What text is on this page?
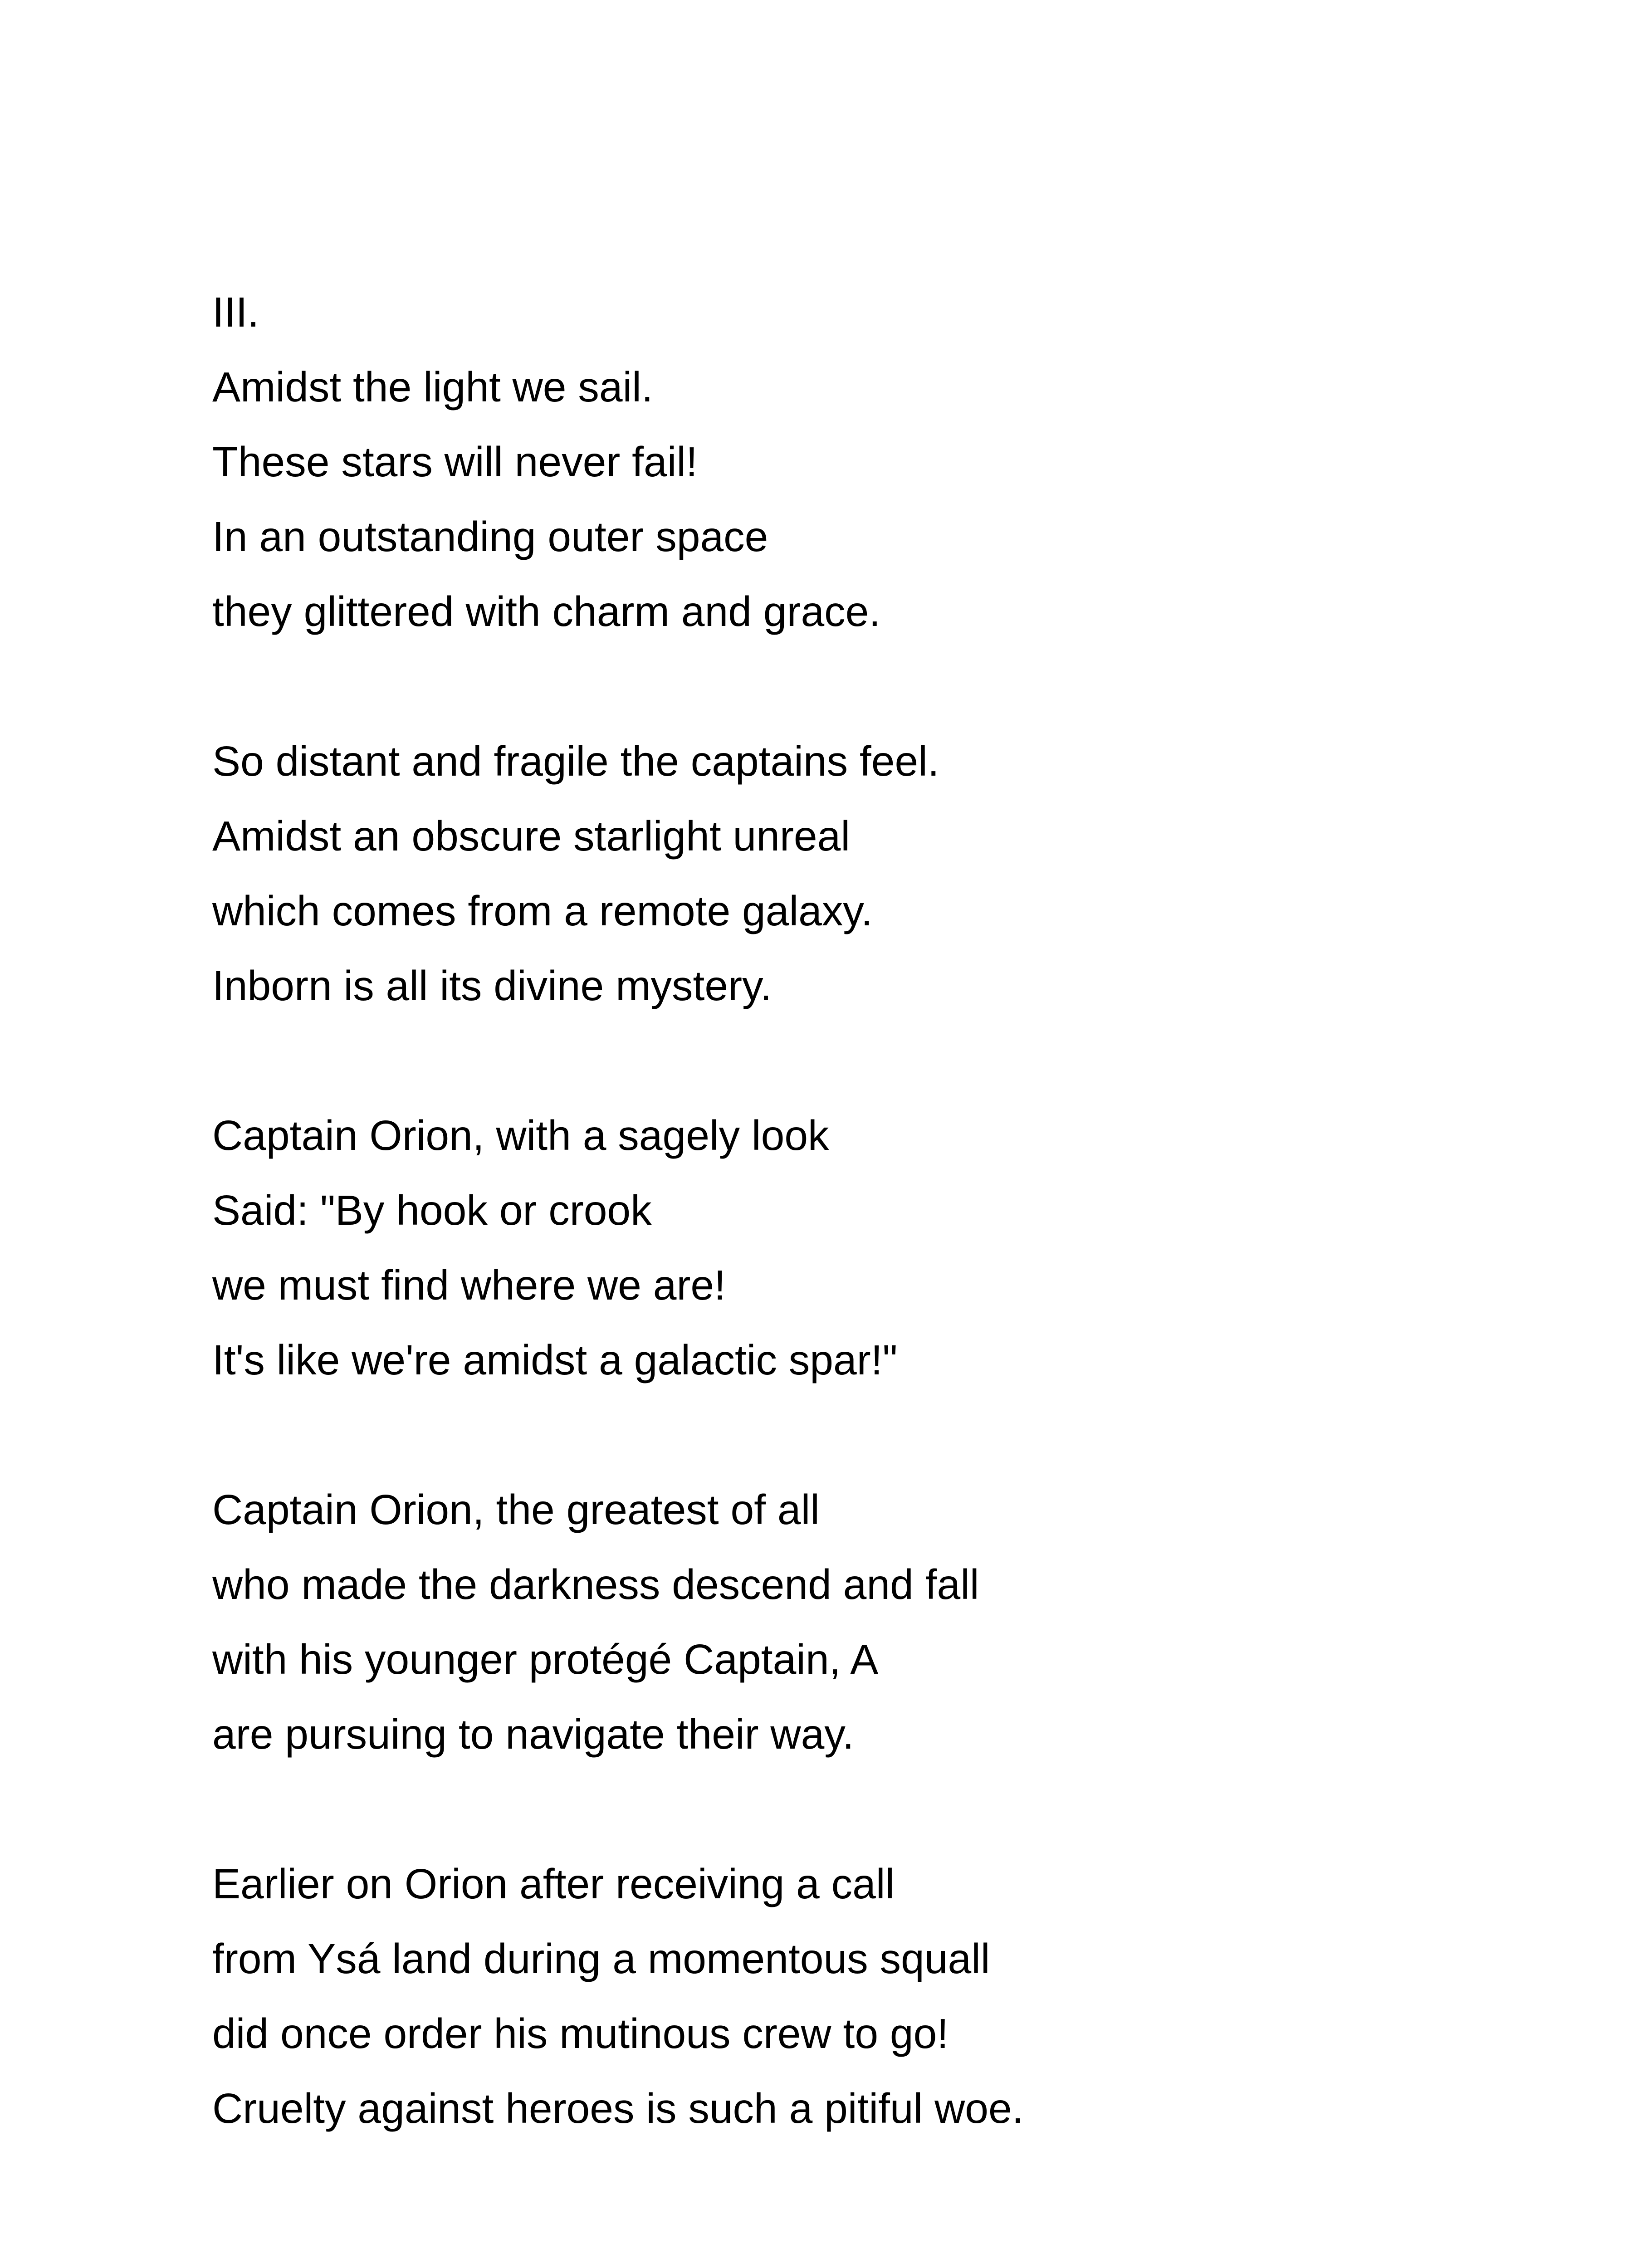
III.
Amidst the light we sail.
These stars will never fail!
In an outstanding outer space
they glittered with charm and grace.
So distant and fragile the captains feel.
Amidst an obscure starlight unreal
which comes from a remote galaxy.
Inborn is all its divine mystery.
Captain Orion, with a sagely look
Said: "By hook or crook
we must find where we are!
It's like we're amidst a galactic spar!"
Captain Orion, the greatest of all
who made the darkness descend and fall
with his younger protégé Captain, A
are pursuing to navigate their way.
Earlier on Orion after receiving a call
from Ysá land during a momentous squall
did once order his mutinous crew to go!
Cruelty against heroes is such a pitiful woe.
